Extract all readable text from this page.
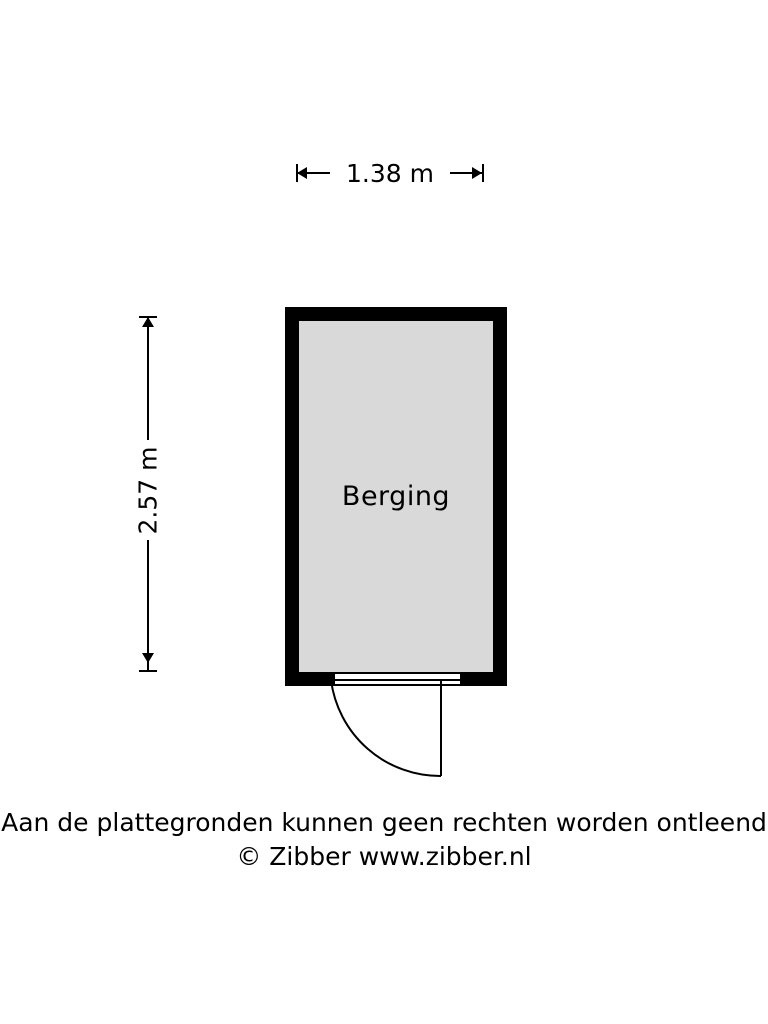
1.38 m
2.57 m	Berging
Aan de plattegronden kunnen geen rechten worden ontleend
© Zibber www.zibber.nl
